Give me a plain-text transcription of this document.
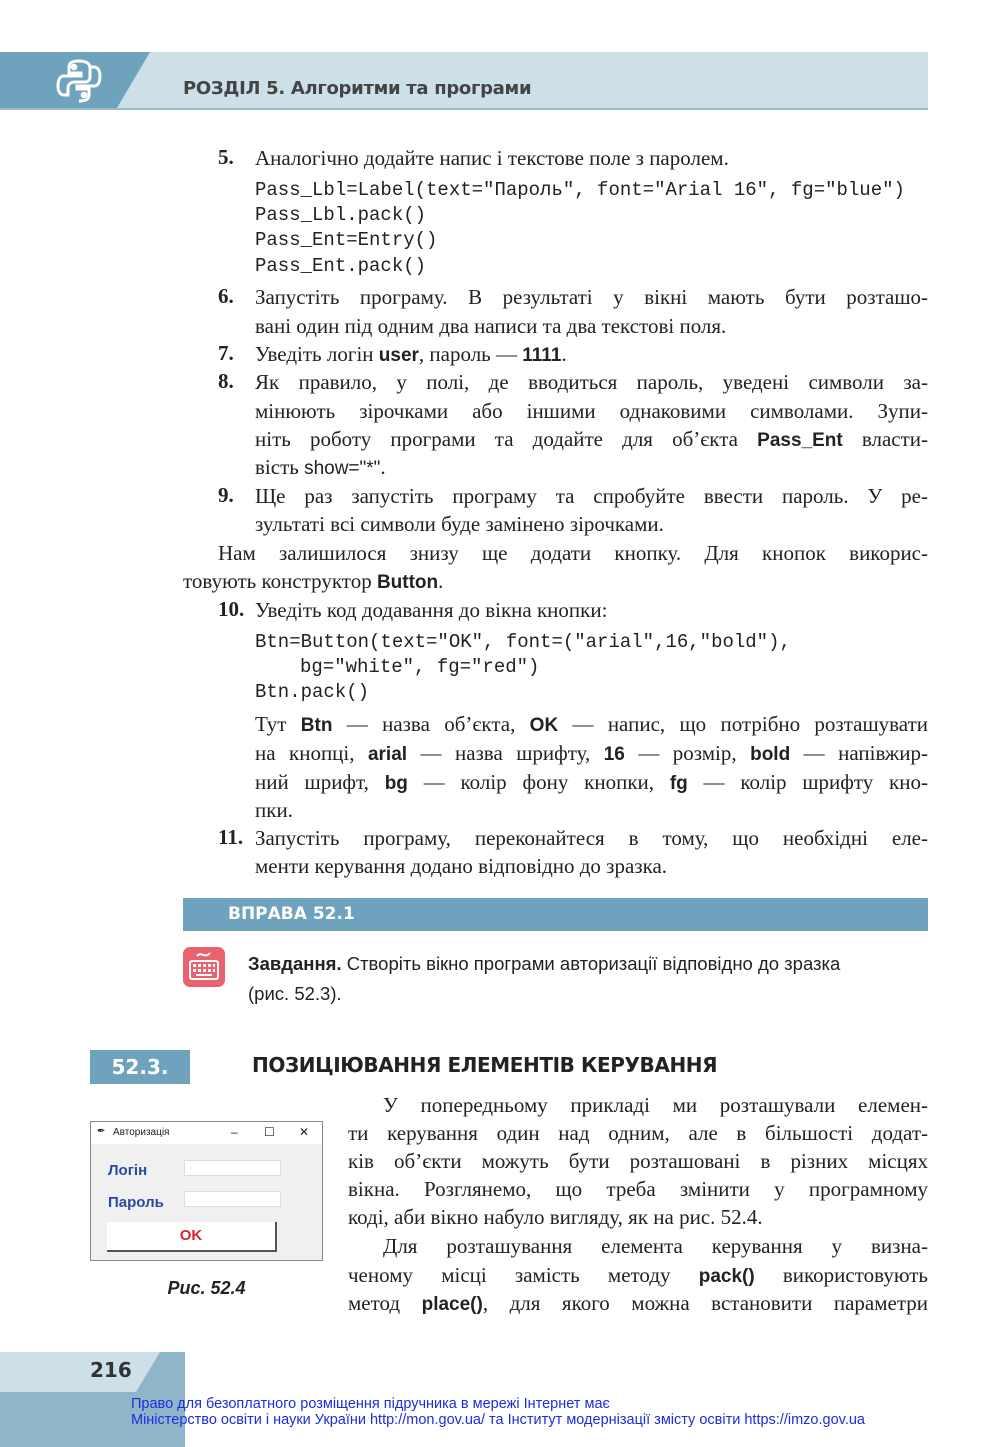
РОЗДІЛ 5. Алгоритми та програми
5. Аналогічно додайте напис і текстове поле з паролем.
Pass_Lbl=Label(text="Пароль", font="Arial 16", fg="blue")
Pass_Lbl.pack()
Pass_Ent=Entry()
Pass_Ent.pack()
6. Запустіть програму. В результаті у вікні мають бути розташо-
вані один під одним два написи та два текстові поля.
7. Уведіть логін user, пароль — 1111.
8. Як правило, у полі, де вводиться пароль, уведені символи за-
мінюють зірочками або іншими однаковими символами. Зупи-
ніть роботу програми та додайте для об’єкта Pass_Ent власти-
вість show="*".
9. Ще раз запустіть програму та спробуйте ввести пароль. У ре-
зультаті всі символи буде замінено зірочками.
Нам залишилося знизу ще додати кнопку. Для кнопок викорис-
товують конструктор Button.
10. Уведіть код додавання до вікна кнопки:
Btn=Button(text="OK", font=("arial",16,"bold"),
bg="white", fg="red")
Btn.pack()
Тут Btn — назва об’єкта, OK — напис, що потрібно розташувати
на кнопці, arial — назва шрифту, 16 — розмір, bold — напівжир-
ний шрифт, bg — колір фону кнопки, fg — колір шрифту кно-
пки.
11. Запустіть програму, переконайтеся в тому, що необхідні еле-
менти керування додано відповідно до зразка.
У попередньому прикладі ми розташували елемен-
ти керування один над одним, але в більшості додат-
ків об’єкти можуть бути розташовані в різних місцях
вікна. Розглянемо, що треба змінити у програмному
коді, аби вікно набуло вигляду, як на рис. 52.4.
Для розташування елемента керування у визна-
ченому місці замість методу pack() використовують
метод place(), для якого можна встановити параметри
ВПРАВА 52.1
Завдання. Створіть вікно програми авторизації відповідно до зразка
(рис. 52.3).
52.3.	ПОЗИЦІЮВАННЯ ЕЛЕМЕНТІВ КЕРУВАННЯ
✒ Авторизація	– ☐ ✕
Логін
Пароль
OK
Рис. 52.4
216
Право для безоплатного розміщення підручника в мережі Інтернет має
Міністерство освіти і науки України http://mon.gov.ua/ та Інститут модернізації змісту освіти https://imzo.gov.ua
